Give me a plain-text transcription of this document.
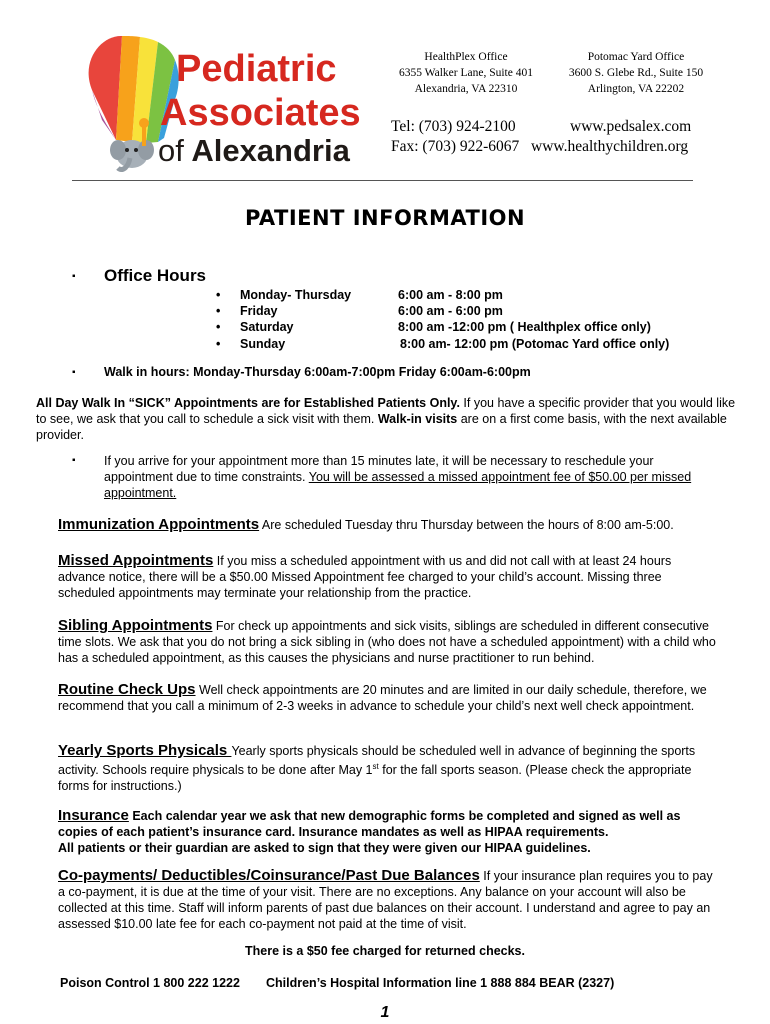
Pediatric
Associates
of Alexandria
HealthPlex Office
6355 Walker Lane, Suite 401
Alexandria, VA 22310
Potomac Yard Office
3600 S. Glebe Rd., Suite 150
Arlington, VA 22202
Tel: (703) 924-2100
Fax: (703) 922-6067
www.pedsalex.com
www.healthychildren.org
PATIENT INFORMATION
▪ Office Hours
• Monday- Thursday	6:00 am - 8:00 pm
• Friday	6:00 am - 6:00 pm
• Saturday	8:00 am -12:00 pm ( Healthplex office only)
• Sunday	8:00 am- 12:00 pm (Potomac Yard office only)
▪ Walk in hours: Monday-Thursday 6:00am-7:00pm Friday 6:00am-6:00pm
All Day Walk In “SICK” Appointments are for Established Patients Only. If you have a specific provider that you would like to see, we ask that you call to schedule a sick visit with them. Walk-in visits are on a first come basis, with the next available provider.
▪ If you arrive for your appointment more than 15 minutes late, it will be necessary to reschedule your appointment due to time constraints. You will be assessed a missed appointment fee of $50.00 per missed appointment.
Immunization Appointments Are scheduled Tuesday thru Thursday between the hours of 8:00 am-5:00.
Missed Appointments If you miss a scheduled appointment with us and did not call with at least 24 hours advance notice, there will be a $50.00 Missed Appointment fee charged to your child’s account. Missing three scheduled appointments may terminate your relationship from the practice.
Sibling Appointments For check up appointments and sick visits, siblings are scheduled in different consecutive time slots. We ask that you do not bring a sick sibling in (who does not have a scheduled appointment) with a child who has a scheduled appointment, as this causes the physicians and nurse practitioner to run behind.
Routine Check Ups Well check appointments are 20 minutes and are limited in our daily schedule, therefore, we recommend that you call a minimum of 2-3 weeks in advance to schedule your child’s next well check appointment.
Yearly Sports Physicals Yearly sports physicals should be scheduled well in advance of beginning the sports activity. Schools require physicals to be done after May 1st for the fall sports season. (Please check the appropriate forms for instructions.)
Insurance Each calendar year we ask that new demographic forms be completed and signed as well as copies of each patient’s insurance card. Insurance mandates as well as HIPAA requirements.
All patients or their guardian are asked to sign that they were given our HIPAA guidelines.
Co-payments/ Deductibles/Coinsurance/Past Due Balances If your insurance plan requires you to pay a co-payment, it is due at the time of your visit. There are no exceptions. Any balance on your account will also be collected at this time. Staff will inform parents of past due balances on their account. I understand and agree to pay an assessed $10.00 late fee for each co-payment not paid at the time of visit.
There is a $50 fee charged for returned checks.
Poison Control 1 800 222 1222 Children’s Hospital Information line 1 888 884 BEAR (2327)
1
